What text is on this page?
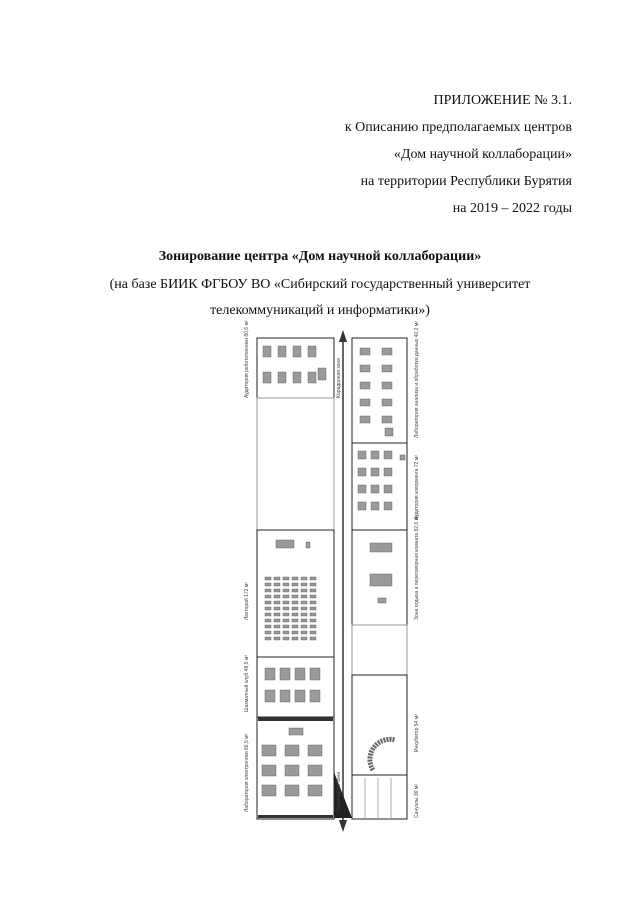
ПРИЛОЖЕНИЕ № 3.1.
к Описанию предполагаемых центров
«Дом научной коллаборации»
на территории Республики Бурятия
на 2019 – 2022 годы
Зонирование центра «Дом научной коллаборации»
(на базе БИИК ФГБОУ ВО «Сибирский государственный университет
телекоммуникаций и информатики»)
Аудитория робототехники 80,6 м²	Коридорная зона	Лаборатория анализа и обработки данных 40,2 м²
Аудитория коворкинга 72 м²
Зона отдыха и переговорная комната 82,6 м²
Лекторий 172 м²
Шахматный клуб 48,5 м²
Лаборатория электроники 86,5 м²	Переходная зона
Инкубатор 54 м²
Санузлы 36 м²
